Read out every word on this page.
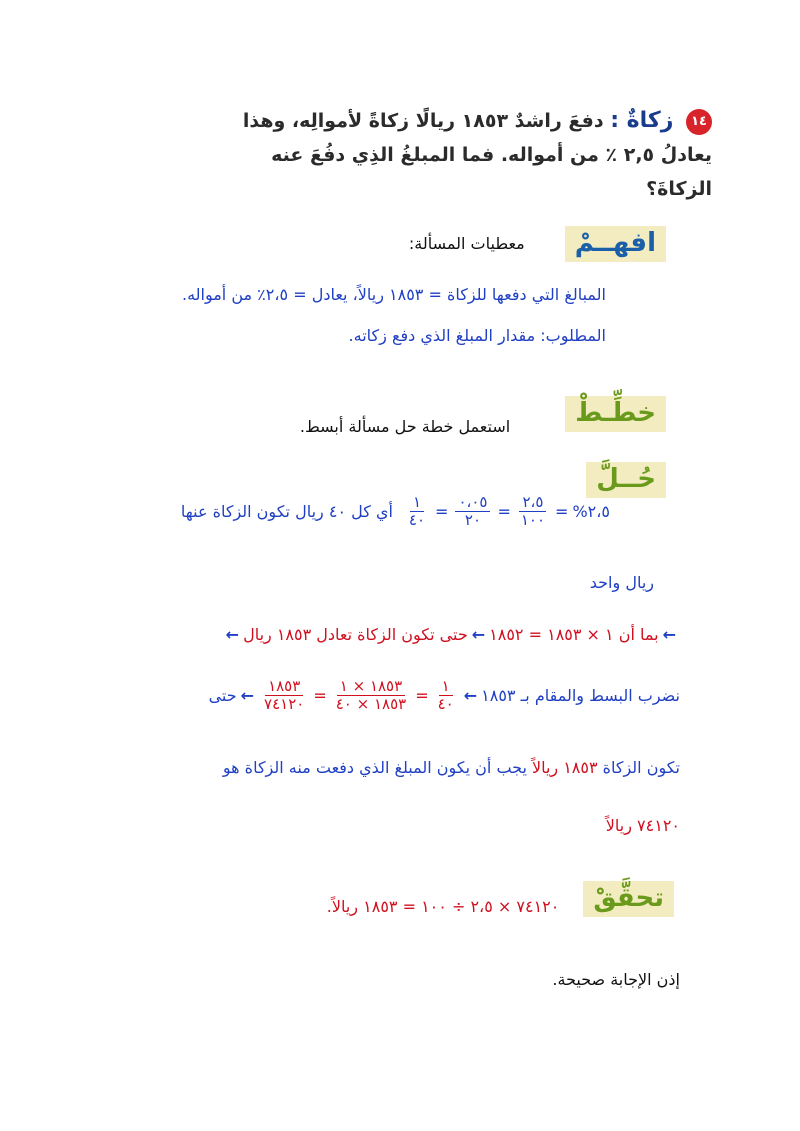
١٤ زكاةٌ : دفعَ راشدٌ ١٨٥٣ ريالًا زكاةً لأموالِه، وهذا
يعادلُ ٢,٥ ٪ من أمواله. فما المبلغُ الذِي دفُعَ عنه
الزكاةَ؟
افهــمْ
معطيات المسألة:
المبالغ التي دفعها للزكاة = ١٨٥٣ ريالاً، يعادل = ٢،٥٪ من أمواله.
المطلوب: مقدار المبلغ الذي دفع زكاته.
خطِّـطْ
استعمل خطة حل مسألة أبسط.
حُــلَّ
٢،٥%
=
$\frac{٢،٥}{١٠٠}$
=
$\frac{٠،٠٥}{٢٠}$
=
$\frac{١}{٤٠}$
أي كل ٤٠ ريال تكون الزكاة عنها
ريال واحد
←
بما أن ١ × ١٨٥٣ = ١٨٥٢
←
حتى تكون الزكاة تعادل ١٨٥٣ ريال
←
نضرب البسط والمقام بـ ١٨٥٣
←
$\frac{١}{٤٠}$
=
$\frac{١٨٥٣ \times ١}{١٨٥٣ \times ٤٠}$
=
$\frac{١٨٥٣}{٧٤١٢٠}$
←
حتى
تكون الزكاة
١٨٥٣ ريالاً
يجب أن يكون المبلغ الذي دفعت منه الزكاة هو
٧٤١٢٠ ريالاً
تحقَّقْ
٧٤١٢٠ × ٢،٥ ÷ ١٠٠ = ١٨٥٣ ريالاً.
إذن الإجابة صحيحة.
